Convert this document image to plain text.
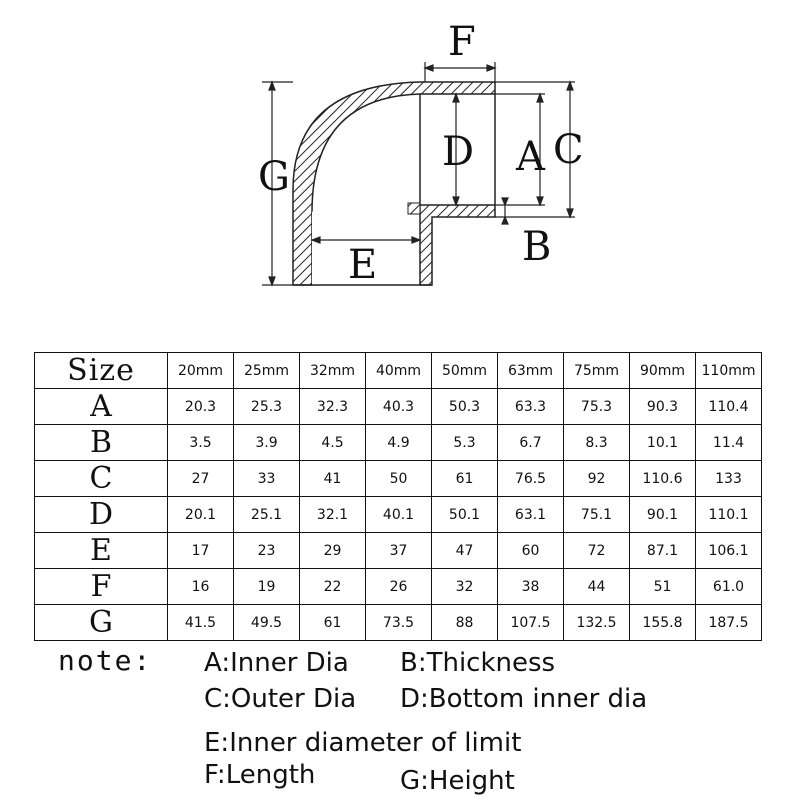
F
D A C
G
E	B
Size	20mm	25mm	32mm	40mm	50mm	63mm	75mm	90mm	110mm
A	20.3	25.3	32.3	40.3	50.3	63.3	75.3	90.3	110.4
B	3.5	3.9	4.5	4.9	5.3	6.7	8.3	10.1	11.4
C	27	33	41	50	61	76.5	92	110.6	133
D	20.1	25.1	32.1	40.1	50.1	63.1	75.1	90.1	110.1
E	17	23	29	37	47	60	72	87.1	106.1
F	16	19	22	26	32	38	44	51	61.0
G	41.5	49.5	61	73.5	88	107.5	132.5	155.8	187.5
note: A:Inner Dia B:Thickness
C:Outer Dia D:Bottom inner dia
E:Inner diameter of limit
F:Length	G:Height
